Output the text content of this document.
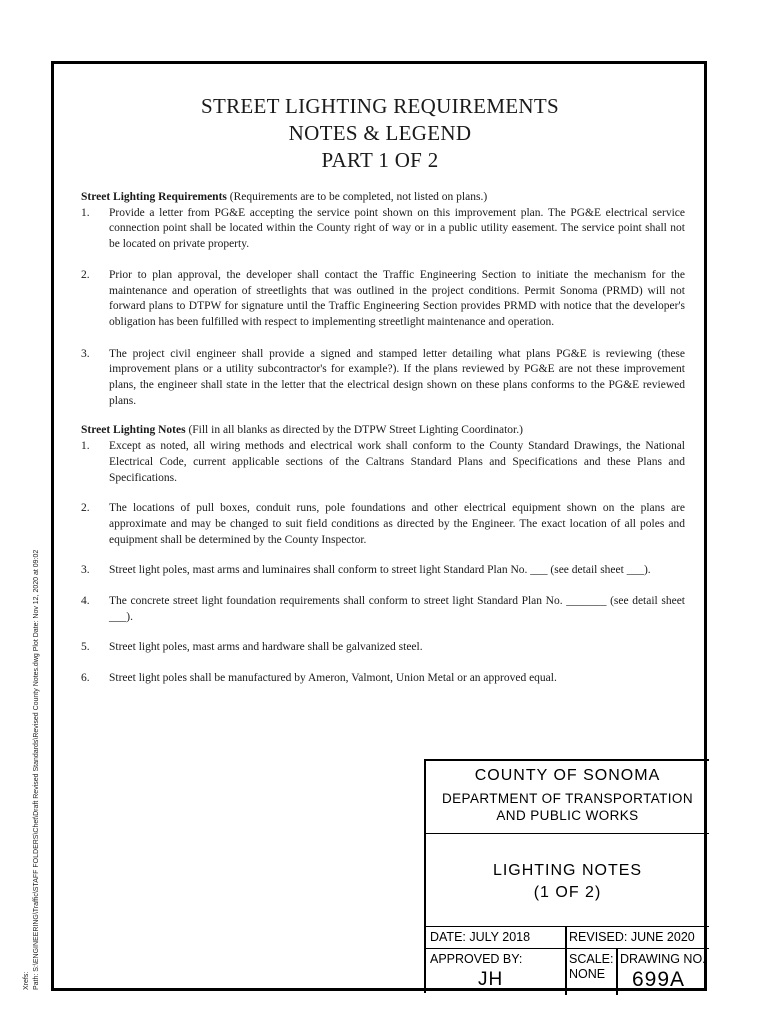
Xrefs: Path: S:\ENGINEERING\Traffic\STAFF FOLDERS\Chet\Draft Revised Standards\Revised County Notes.dwg Plot Date: Nov 12, 2020 at 09:02
STREET LIGHTING REQUIREMENTS
NOTES & LEGEND
PART 1 OF 2
Street Lighting Requirements (Requirements are to be completed, not listed on plans.)
1.	Provide a letter from PG&E accepting the service point shown on this improvement plan. The PG&E electrical service connection point shall be located within the County right of way or in a public utility easement. The service point shall not be located on private property.
2.	Prior to plan approval, the developer shall contact the Traffic Engineering Section to initiate the mechanism for the maintenance and operation of streetlights that was outlined in the project conditions. Permit Sonoma (PRMD) will not forward plans to DTPW for signature until the Traffic Engineering Section provides PRMD with notice that the developer's obligation has been fulfilled with respect to implementing streetlight maintenance and operation.
3.	The project civil engineer shall provide a signed and stamped letter detailing what plans PG&E is reviewing (these improvement plans or a utility subcontractor's for example?). If the plans reviewed by PG&E are not these improvement plans, the engineer shall state in the letter that the electrical design shown on these plans conforms to the PG&E reviewed plans.
Street Lighting Notes (Fill in all blanks as directed by the DTPW Street Lighting Coordinator.)
1.	Except as noted, all wiring methods and electrical work shall conform to the County Standard Drawings, the National Electrical Code, current applicable sections of the Caltrans Standard Plans and Specifications and these Plans and Specifications.
2.	The locations of pull boxes, conduit runs, pole foundations and other electrical equipment shown on the plans are approximate and may be changed to suit field conditions as directed by the Engineer. The exact location of all poles and equipment shall be determined by the County Inspector.
3.	Street light poles, mast arms and luminaires shall conform to street light Standard Plan No. ___ (see detail sheet ___).
4.	The concrete street light foundation requirements shall conform to street light Standard Plan No. _______ (see detail sheet ___).
5.	Street light poles, mast arms and hardware shall be galvanized steel.
6.	Street light poles shall be manufactured by Ameron, Valmont, Union Metal or an approved equal.
COUNTY OF SONOMA
DEPARTMENT OF TRANSPORTATION
AND PUBLIC WORKS
LIGHTING NOTES
(1 OF 2)
DATE: JULY 2018	REVISED: JUNE 2020
APPROVED BY:
JH
SCALE:
NONE
DRAWING NO.
699A
